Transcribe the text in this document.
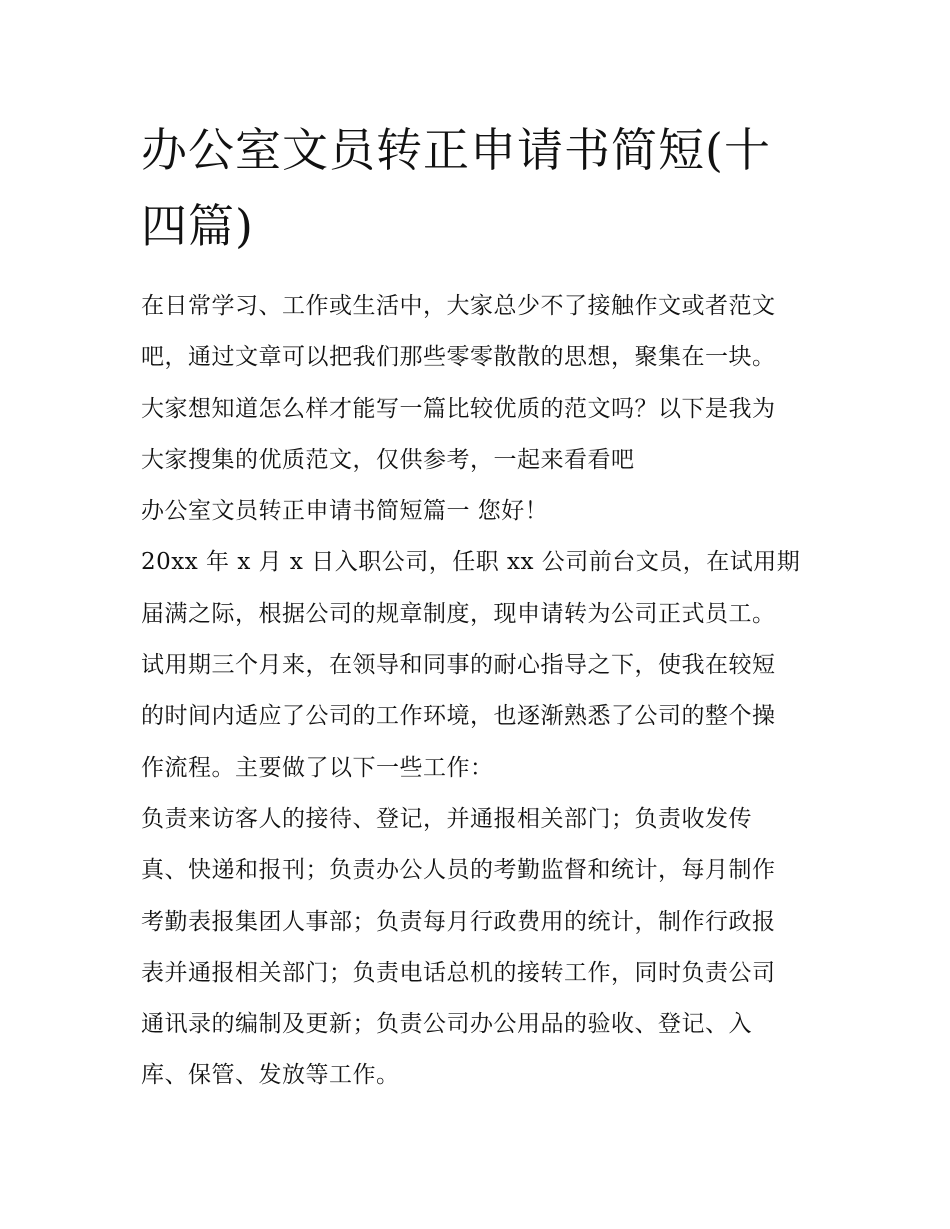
办公室文员转正申请书简短(十
四篇)
在日常学习、工作或生活中，大家总少不了接触作文或者范文
吧，通过文章可以把我们那些零零散散的思想，聚集在一块。
大家想知道怎么样才能写一篇比较优质的范文吗？以下是我为
大家搜集的优质范文，仅供参考，一起来看看吧
办公室文员转正申请书简短篇一 您好！
20xx 年 x 月 x 日入职公司，任职 xx 公司前台文员，在试用期
届满之际，根据公司的规章制度，现申请转为公司正式员工。
试用期三个月来，在领导和同事的耐心指导之下，使我在较短
的时间内适应了公司的工作环境，也逐渐熟悉了公司的整个操
作流程。主要做了以下一些工作：
负责来访客人的接待、登记，并通报相关部门；负责收发传
真、快递和报刊；负责办公人员的考勤监督和统计，每月制作
考勤表报集团人事部；负责每月行政费用的统计，制作行政报
表并通报相关部门；负责电话总机的接转工作，同时负责公司
通讯录的编制及更新；负责公司办公用品的验收、登记、入
库、保管、发放等工作。
